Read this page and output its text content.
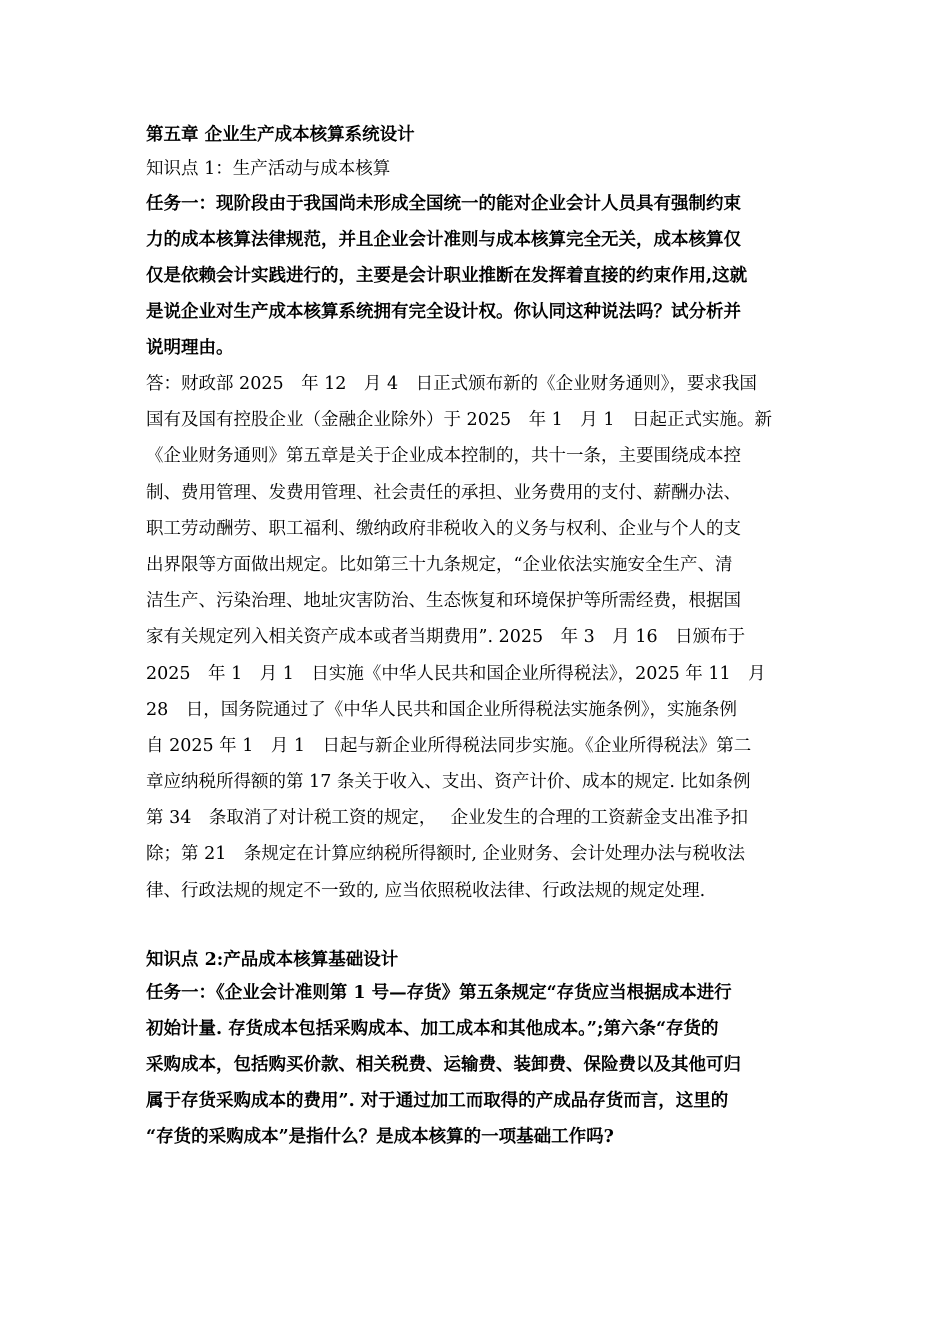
第五章 企业生产成本核算系统设计
知识点 1：生产活动与成本核算
任务一：现阶段由于我国尚未形成全国统一的能对企业会计人员具有强制约束
力的成本核算法律规范，并且企业会计准则与成本核算完全无关，成本核算仅
仅是依赖会计实践进行的，主要是会计职业推断在发挥着直接的约束作用,这就
是说企业对生产成本核算系统拥有完全设计权。你认同这种说法吗？试分析并
说明理由。
答：财政部 2025　年 12　月 4　日正式颁布新的《企业财务通则》，要求我国
国有及国有控股企业（金融企业除外）于 2025　年 1　月 1　日起正式实施。新
《企业财务通则》第五章是关于企业成本控制的，共十一条，主要围绕成本控
制、费用管理、发费用管理、社会责任的承担、业务费用的支付、薪酬办法、
职工劳动酬劳、职工福利、缴纳政府非税收入的义务与权利、企业与个人的支
出界限等方面做出规定。比如第三十九条规定，“企业依法实施安全生产、清
洁生产、污染治理、地址灾害防治、生态恢复和环境保护等所需经费，根据国
家有关规定列入相关资产成本或者当期费用”. 2025　年 3　月 16　日颁布于
2025　年 1　月 1　日实施《中华人民共和国企业所得税法》，2025 年 11　月
28　日，国务院通过了《中华人民共和国企业所得税法实施条例》，实施条例
自 2025 年 1　月 1　日起与新企业所得税法同步实施。《企业所得税法》第二
章应纳税所得额的第 17 条关于收入、支出、资产计价、成本的规定. 比如条例
第 34　条取消了对计税工资的规定，　 企业发生的合理的工资薪金支出准予扣
除；第 21　条规定在计算应纳税所得额时, 企业财务、会计处理办法与税收法
律、行政法规的规定不一致的, 应当依照税收法律、行政法规的规定处理.
知识点 2:产品成本核算基础设计
任务一：《企业会计准则第 1 号—存货》第五条规定“存货应当根据成本进行
初始计量. 存货成本包括采购成本、加工成本和其他成本。”;第六条“存货的
采购成本，包括购买价款、相关税费、运输费、装卸费、保险费以及其他可归
属于存货采购成本的费用”. 对于通过加工而取得的产成品存货而言，这里的
“存货的采购成本”是指什么？是成本核算的一项基础工作吗?
